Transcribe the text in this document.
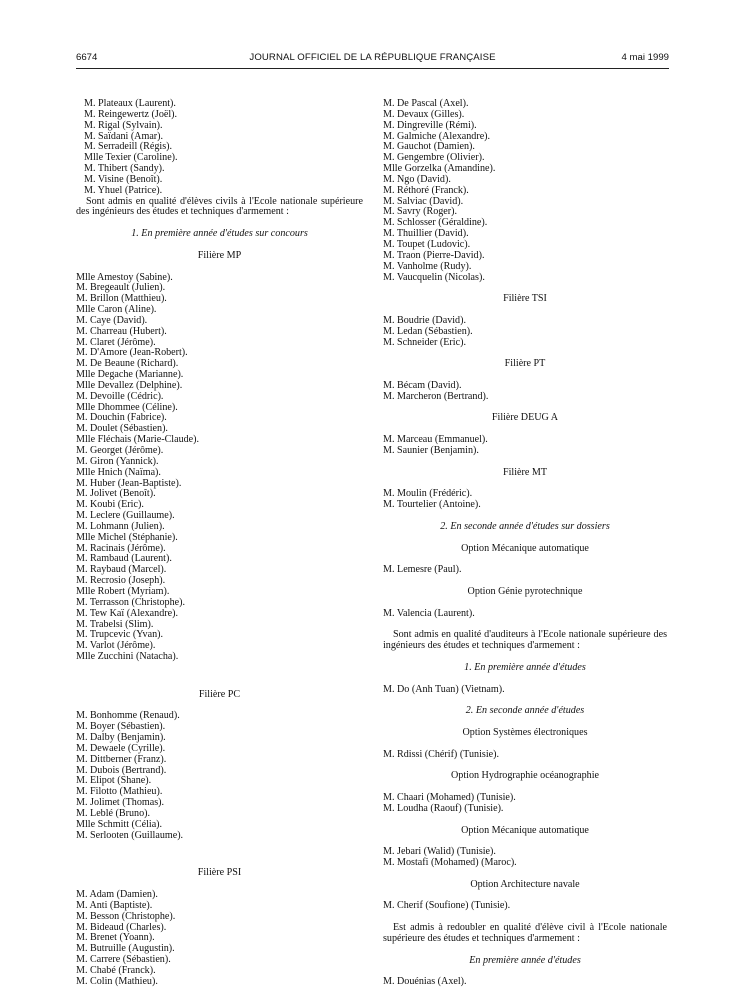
6674	JOURNAL OFFICIEL DE LA RÉPUBLIQUE FRANÇAISE	4 mai 1999
M. Plateaux (Laurent).
M. Reingewertz (Joël).
M. Rigal (Sylvain).
M. Saïdani (Amar).
M. Serradeill (Régis).
Mlle Texier (Caroline).
M. Thibert (Sandy).
M. Visine (Benoît).
M. Yhuel (Patrice).
Sont admis en qualité d'élèves civils à l'Ecole nationale supérieure des ingénieurs des études et techniques d'armement :
1. En première année d'études sur concours
Filière MP
Mlle Amestoy (Sabine).
M. Bregeault (Julien).
M. Brillon (Matthieu).
Mlle Caron (Aline).
M. Caye (David).
M. Charreau (Hubert).
M. Claret (Jérôme).
M. D'Amore (Jean-Robert).
M. De Beaune (Richard).
Mlle Degache (Marianne).
Mlle Devallez (Delphine).
M. Devoille (Cédric).
Mlle Dhommee (Céline).
M. Douchin (Fabrice).
M. Doulet (Sébastien).
Mlle Fléchais (Marie-Claude).
M. Georget (Jérôme).
M. Giron (Yannick).
Mlle Hnich (Naïma).
M. Huber (Jean-Baptiste).
M. Jolivet (Benoît).
M. Koubi (Eric).
M. Leclere (Guillaume).
M. Lohmann (Julien).
Mlle Michel (Stéphanie).
M. Racinais (Jérôme).
M. Rambaud (Laurent).
M. Raybaud (Marcel).
M. Recrosio (Joseph).
Mlle Robert (Myriam).
M. Terrasson (Christophe).
M. Tew Kaï (Alexandre).
M. Trabelsi (Slim).
M. Trupcevic (Yvan).
M. Varlot (Jérôme).
Mlle Zucchini (Natacha).
Filière PC
M. Bonhomme (Renaud).
M. Boyer (Sébastien).
M. Dalby (Benjamin).
M. Dewaele (Cyrille).
M. Dittberner (Franz).
M. Dubois (Bertrand).
M. Elipot (Shane).
M. Filotto (Mathieu).
M. Jolimet (Thomas).
M. Leblé (Bruno).
Mlle Schmitt (Célia).
M. Serlooten (Guillaume).
Filière PSI
M. Adam (Damien).
M. Anti (Baptiste).
M. Besson (Christophe).
M. Bideaud (Charles).
M. Brenet (Yoann).
M. Butruille (Augustin).
M. Carrere (Sébastien).
M. Chabé (Franck).
M. Colin (Mathieu).
M. De Pascal (Axel).
M. Devaux (Gilles).
M. Dingreville (Rémi).
M. Galmiche (Alexandre).
M. Gauchot (Damien).
M. Gengembre (Olivier).
Mlle Gorzelka (Amandine).
M. Ngo (David).
M. Réthoré (Franck).
M. Salviac (David).
M. Savry (Roger).
M. Schlosser (Géraldine).
M. Thuillier (David).
M. Toupet (Ludovic).
M. Traon (Pierre-David).
M. Vanholme (Rudy).
M. Vaucquelin (Nicolas).
Filière TSI
M. Boudrie (David).
M. Ledan (Sébastien).
M. Schneider (Eric).
Filière PT
M. Bécam (David).
M. Marcheron (Bertrand).
Filière DEUG A
M. Marceau (Emmanuel).
M. Saunier (Benjamin).
Filière MT
M. Moulin (Frédéric).
M. Tourtelier (Antoine).
2. En seconde année d'études sur dossiers
Option Mécanique automatique
M. Lemesre (Paul).
Option Génie pyrotechnique
M. Valencia (Laurent).
Sont admis en qualité d'auditeurs à l'Ecole nationale supérieure des ingénieurs des études et techniques d'armement :
1. En première année d'études
M. Do (Anh Tuan) (Vietnam).
2. En seconde année d'études
Option Systèmes électroniques
M. Rdissi (Chérif) (Tunisie).
Option Hydrographie océanographie
M. Chaari (Mohamed) (Tunisie).
M. Loudha (Raouf) (Tunisie).
Option Mécanique automatique
M. Jebari (Walid) (Tunisie).
M. Mostafi (Mohamed) (Maroc).
Option Architecture navale
M. Cherif (Soufione) (Tunisie).
Est admis à redoubler en qualité d'élève civil à l'Ecole nationale supérieure des études et techniques d'armement :
En première année d'études
M. Douénias (Axel).
